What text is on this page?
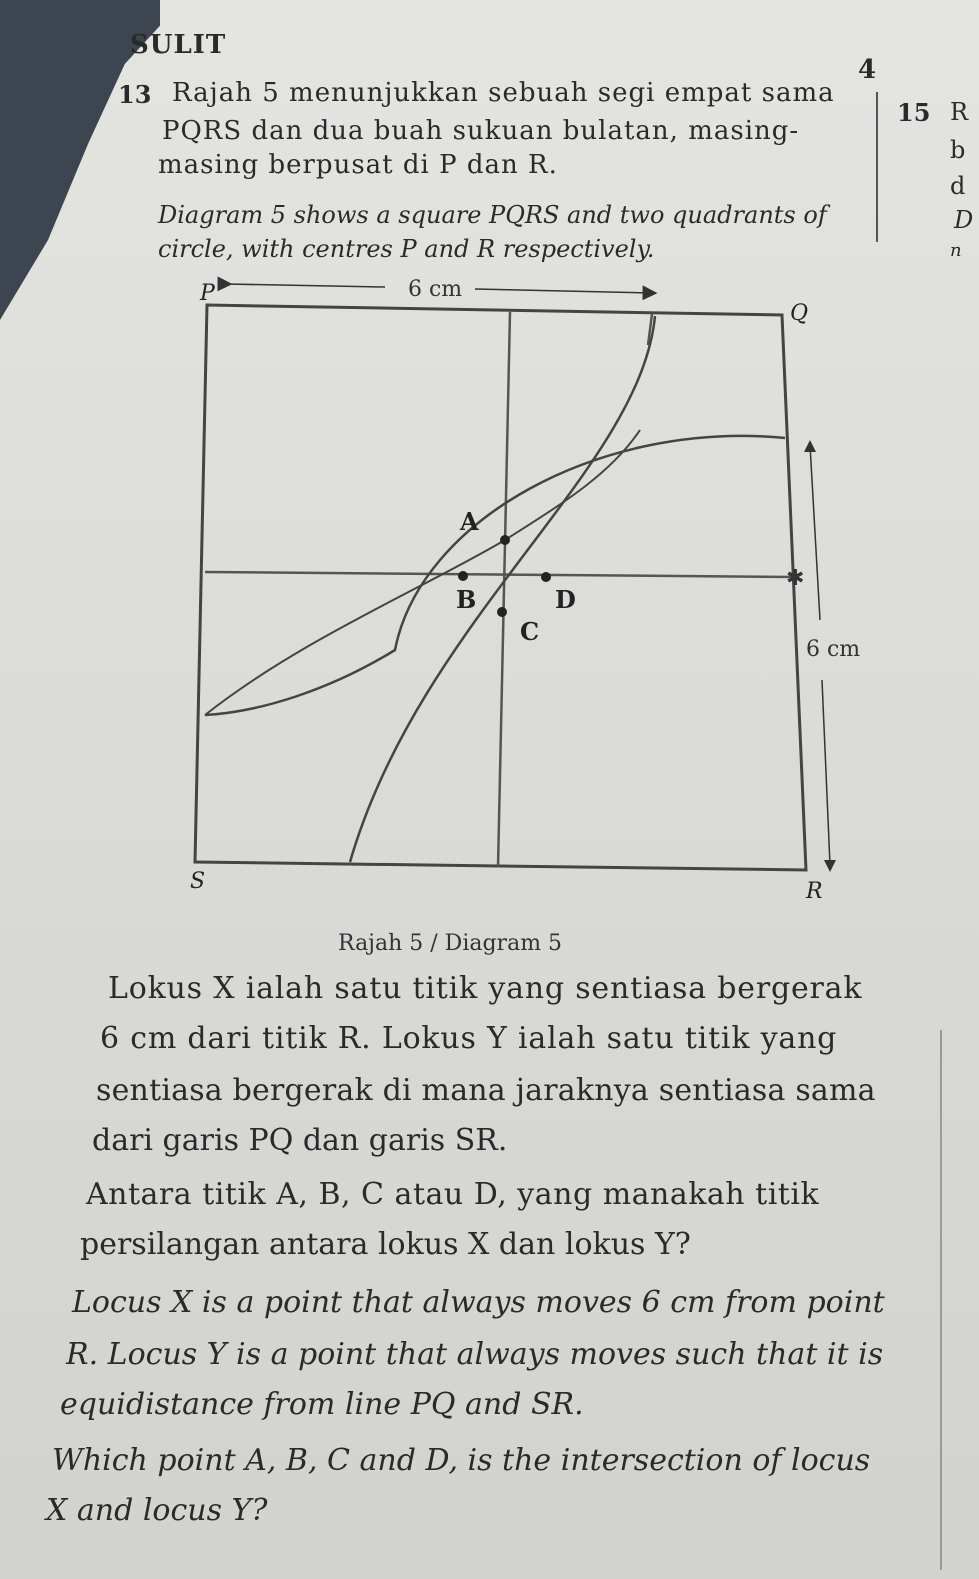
SULIT
4
13 Rajah 5 menunjukkan sebuah segi empat sama
PQRS dan dua buah sukuan bulatan, masing-
masing berpusat di P dan R.
Diagram 5 shows a square PQRS and two quadrants of
circle, with centres P and R respectively.
15 R
b
d
D
n
✱
A
B
C
D
P
Q
R
S
6 cm
6 cm
Rajah 5 / Diagram 5
Lokus X ialah satu titik yang sentiasa bergerak
6 cm dari titik R. Lokus Y ialah satu titik yang
sentiasa bergerak di mana jaraknya sentiasa sama
dari garis PQ dan garis SR.
Antara titik A, B, C atau D, yang manakah titik
persilangan antara lokus X dan lokus Y?
Locus X is a point that always moves 6 cm from point
R. Locus Y is a point that always moves such that it is
equidistance from line PQ and SR.
Which point A, B, C and D, is the intersection of locus
X and locus Y?
